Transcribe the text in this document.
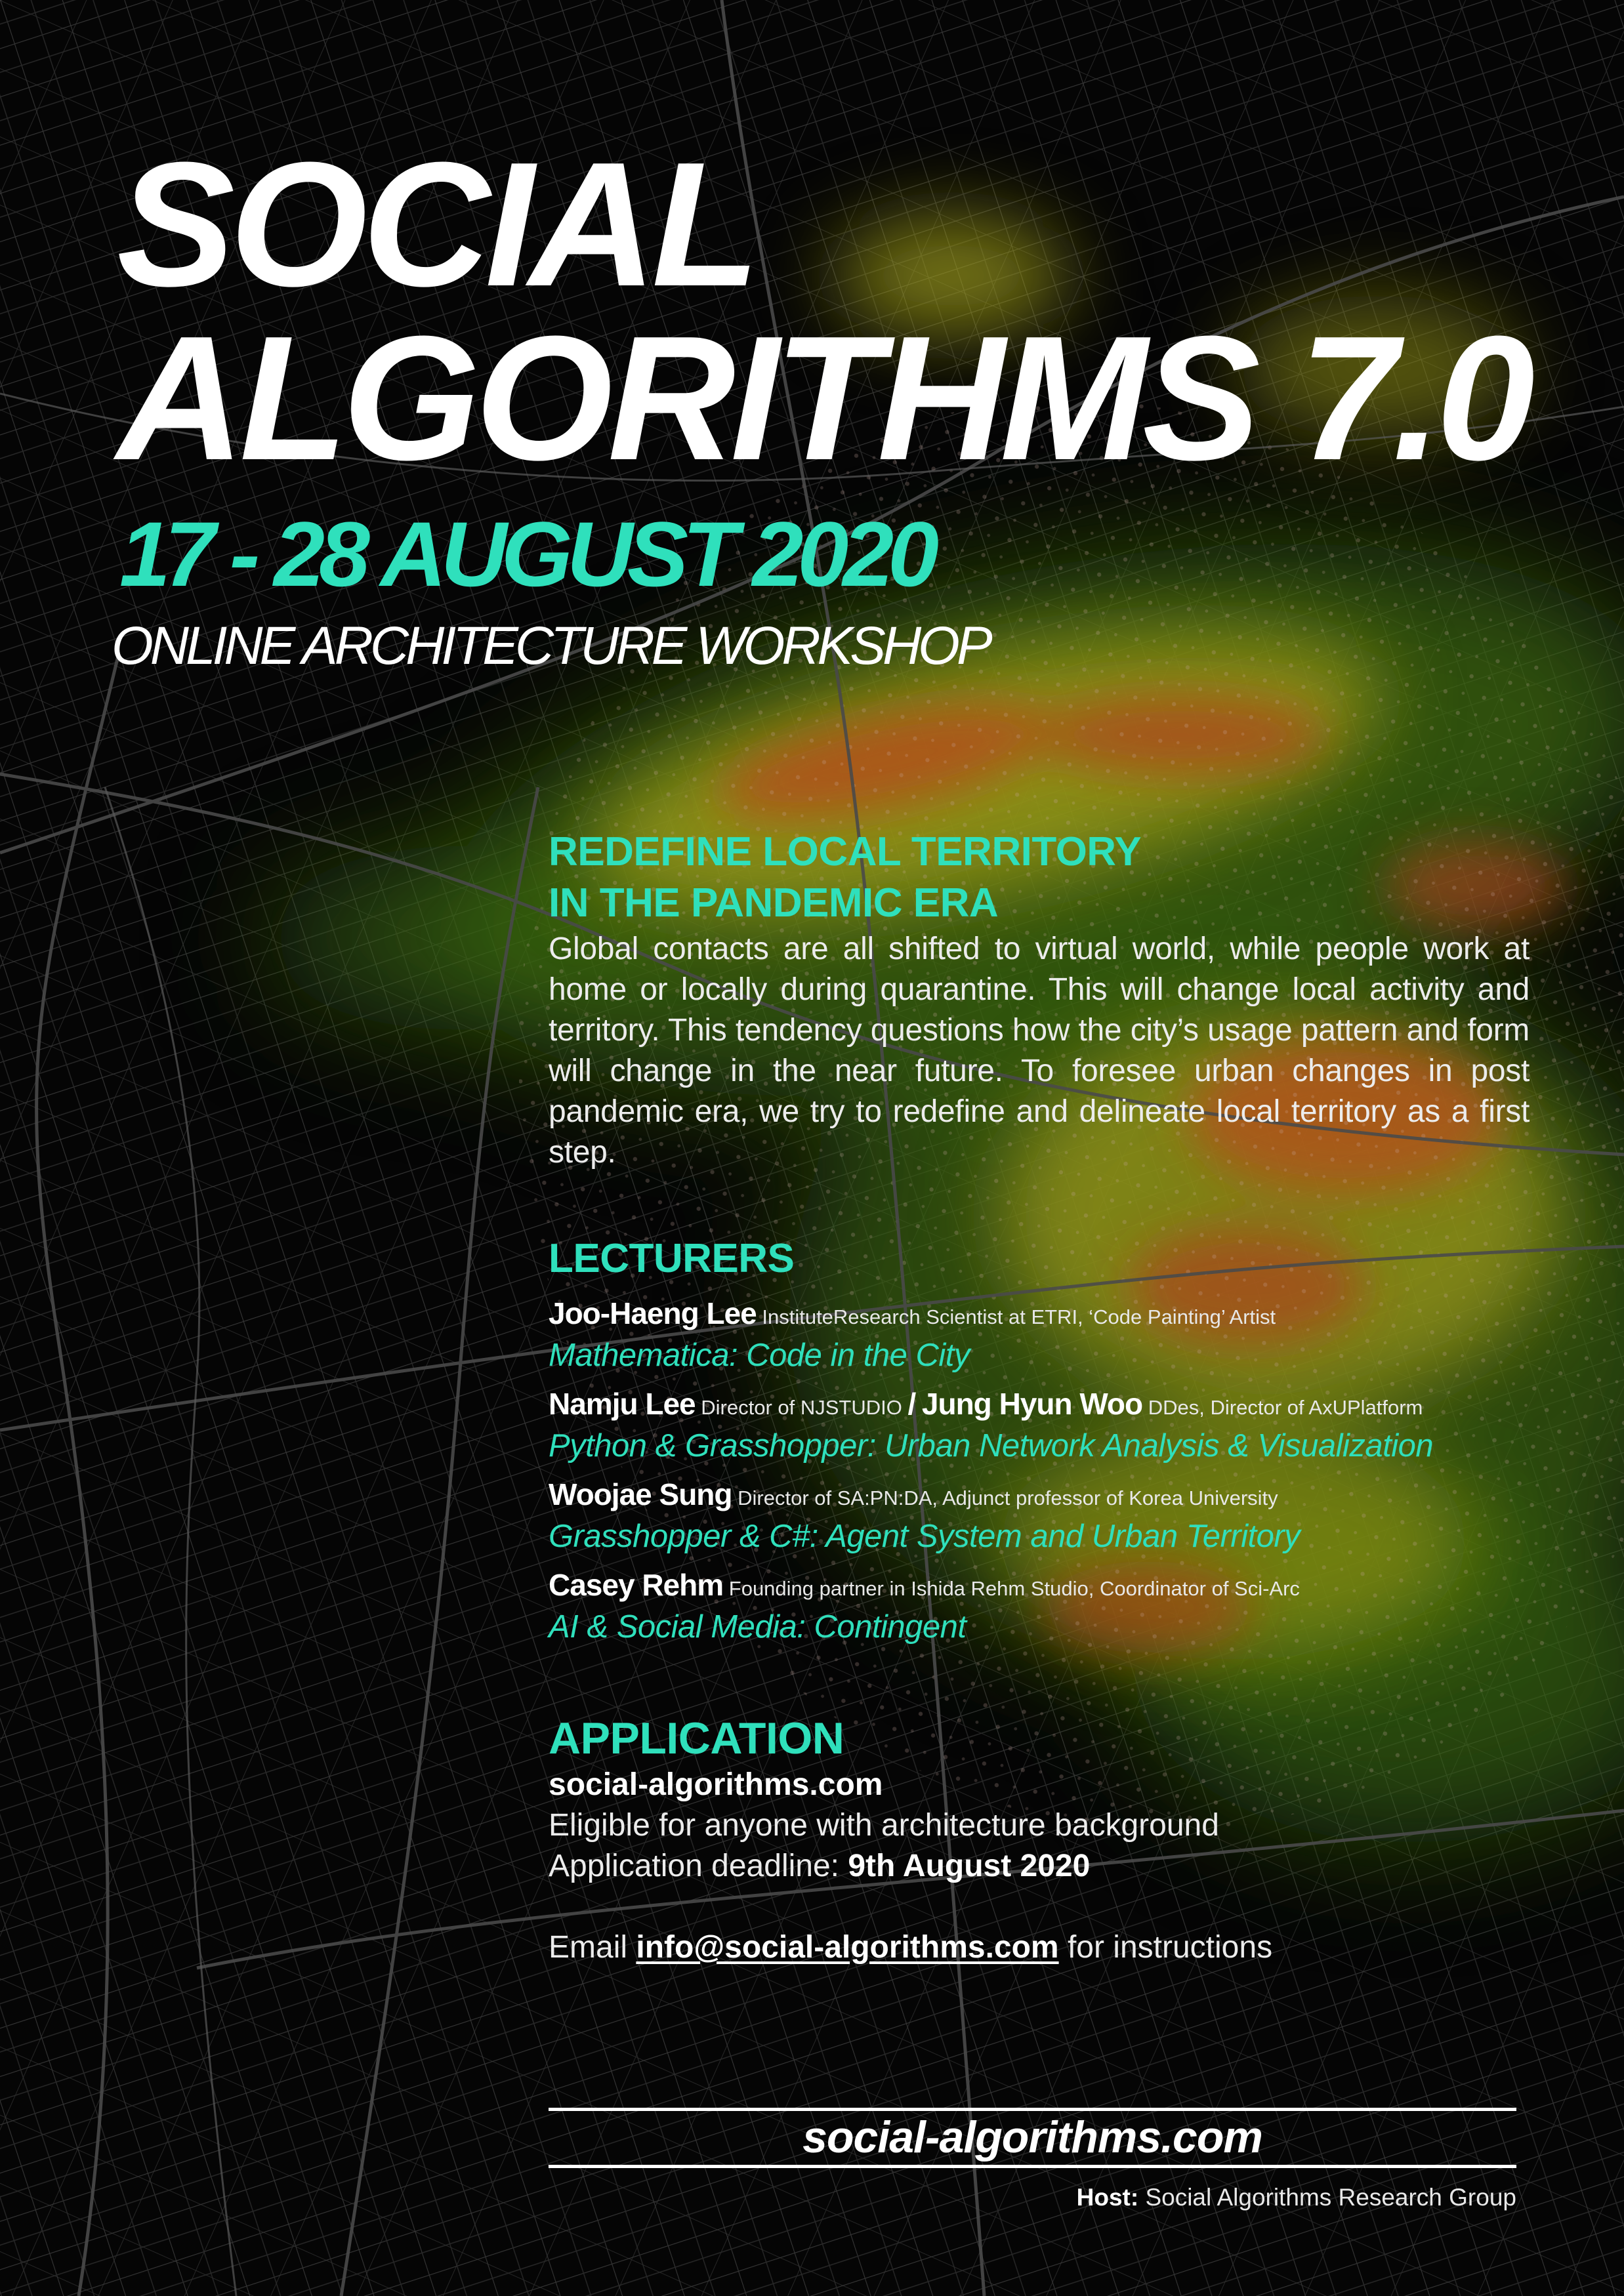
SOCIAL
ALGORITHMS 7.0
17 - 28 AUGUST 2020
ONLINE ARCHITECTURE WORKSHOP
REDEFINE LOCAL TERRITORY
IN THE PANDEMIC ERA

Global contacts are all shifted to virtual world, while people work at home or locally during quarantine. This will change local activity and territory. This tendency questions how the city’s usage pattern and form will change in the near future. To foresee urban changes in post pandemic era, we try to redefine and delineate local territory as a first step.

LECTURERS
Joo-Haeng Lee InstituteResearch Scientist at ETRI, ‘Code Painting’ Artist
Mathematica: Code in the City
Namju Lee Director of NJSTUDIO / Jung Hyun Woo DDes, Director of AxUPlatform
Python & Grasshopper: Urban Network Analysis & Visualization
Woojae Sung Director of SA:PN:DA, Adjunct professor of Korea University
Grasshopper & C#: Agent System and Urban Territory
Casey Rehm Founding partner in Ishida Rehm Studio, Coordinator of Sci-Arc
AI & Social Media: Contingent
APPLICATION
social-algorithms.com
Eligible for anyone with architecture background
Application deadline: 9th August 2020
Email info@social-algorithms.com for instructions
social-algorithms.com
Host: Social Algorithms Research Group
